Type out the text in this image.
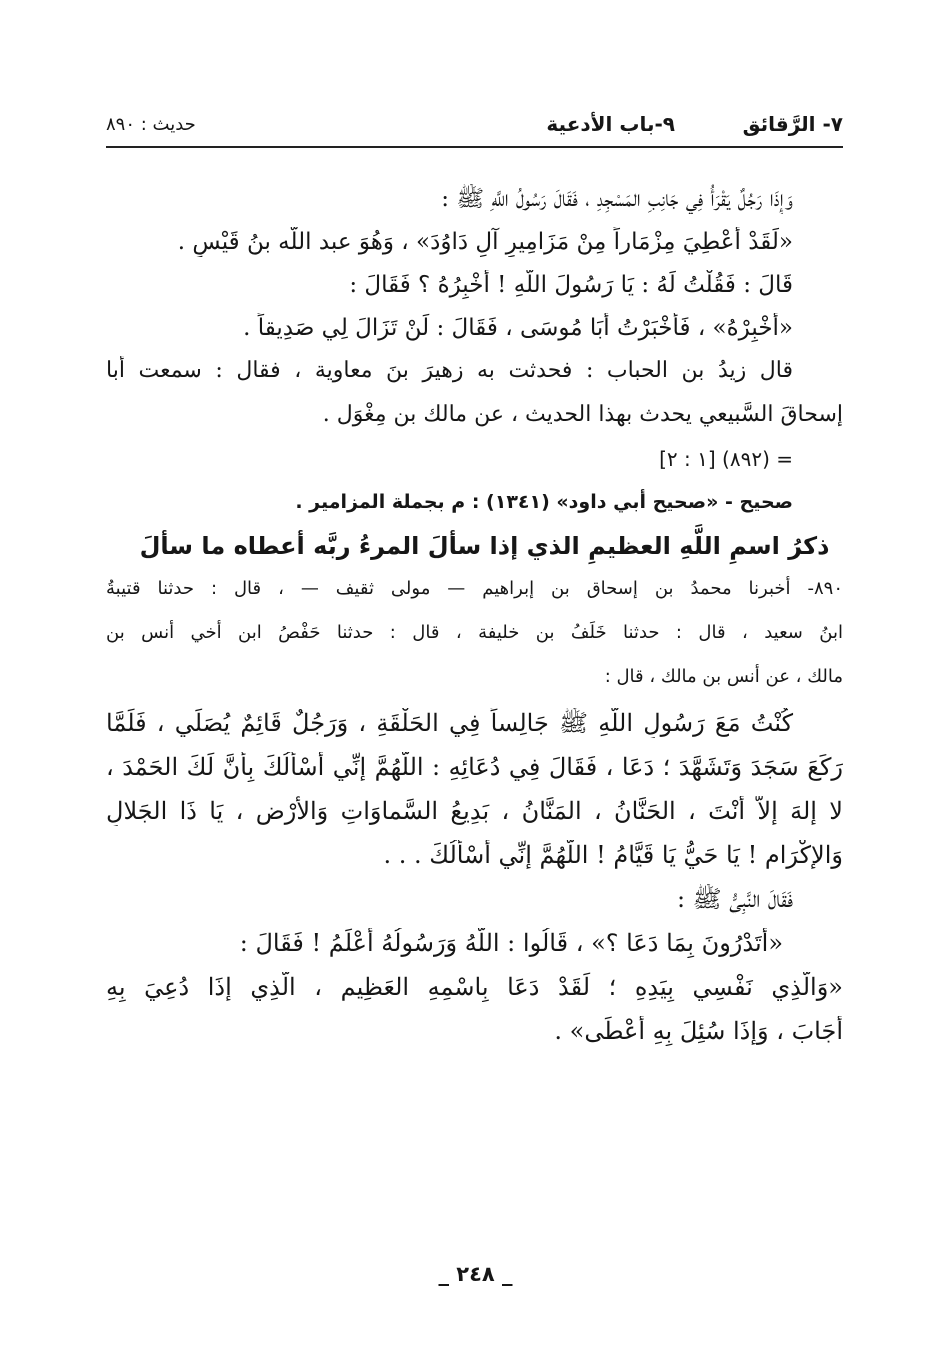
٧- الرَّقائق
٩-باب الأدعية
حديث : ٨٩٠
وَإِذَا رَجُلٌ يَقْرَأُ فِي جَانِبِ المَسْجِدِ ، فَقَالَ رَسُولُ اللَّهِ ﷺ :
«لَقَدْ أُعْطِيَ مِزْمَاراً مِنْ مَزَامِيرِ آلِ دَاوُدَ» ، وَهُوَ عبد اللَّه بنُ قَيْسٍ .
قَالَ : فَقُلْتُ لَهُ : يَا رَسُولَ اللَّهِ ! أُخْبِرُهُ ؟ فَقَالَ :
«أَخْبِرْهُ» ، فَأَخْبَرْتُ أَبَا مُوسَى ، فَقَالَ : لَنْ تَزَالَ لِي صَدِيقاً .
قال زيدُ بن الحباب : فحدثت به زهيرَ بنَ معاوية ، فقال : سمعت أبا
إسحاقَ السَّبيعي يحدث بهذا الحديث ، عن مالك بن مِغْوَل .
= (٨٩٢) [١ : ٢]
صحيح - «صحيح أبي داود» (١٣٤١) : م بجملة المزامير .
ذكرُ اسمِ اللَّهِ العظيمِ الذي إذا سألَ المرءُ ربَّه أعطاه ما سألَ
٨٩٠- أخبرنا محمدُ بن إسحاق بن إبراهيم — مولى ثقيف — ، قال : حدثنا قتيبةُ
ابنُ سعيد ، قال : حدثنا خَلَفُ بن خليفة ، قال : حدثنا حَفْصُ ابن أخي أنس بن
مالك ، عن أنس بن مالك ، قال :
كُنْتُ مَعَ رَسُولِ اللَّهِ ﷺ جَالِساً فِي الحَلْقَةِ ، وَرَجُلٌ قَائِمٌ يُصَلِّي ، فَلَمَّا
رَكَعَ سَجَدَ وَتَشَهَّدَ ؛ دَعَا ، فَقَالَ فِي دُعَائِهِ : اللَّهُمَّ إِنِّي أَسْأَلُكَ بِأَنَّ لَكَ الحَمْدَ ،
لا إِلهَ إِلاَّ أَنْتَ ، الحَنَّانُ ، المَنَّانُ ، بَدِيعُ السَّماوَاتِ وَالأَرْضِ ، يَا ذَا الجَلالِ
وَالإِكْرَامِ ! يَا حَيُّ يَا قَيَّامُ ! اللَّهُمَّ إِنِّي أَسْأَلُكَ . . .
فَقَالَ النَّبِيُّ ﷺ :
«أَتَدْرُونَ بِمَا دَعَا ؟» ، قَالُوا : اللَّهُ وَرَسُولُهُ أَعْلَمُ ! فَقَالَ :
«وَالَّذِي نَفْسِي بِيَدِهِ ؛ لَقَدْ دَعَا بِاسْمِهِ العَظِيمِ ، الَّذِي إِذَا دُعِيَ بِهِ
أَجَابَ ، وَإِذَا سُئِلَ بِهِ أَعْطَى» .
_ ٢٤٨ _
